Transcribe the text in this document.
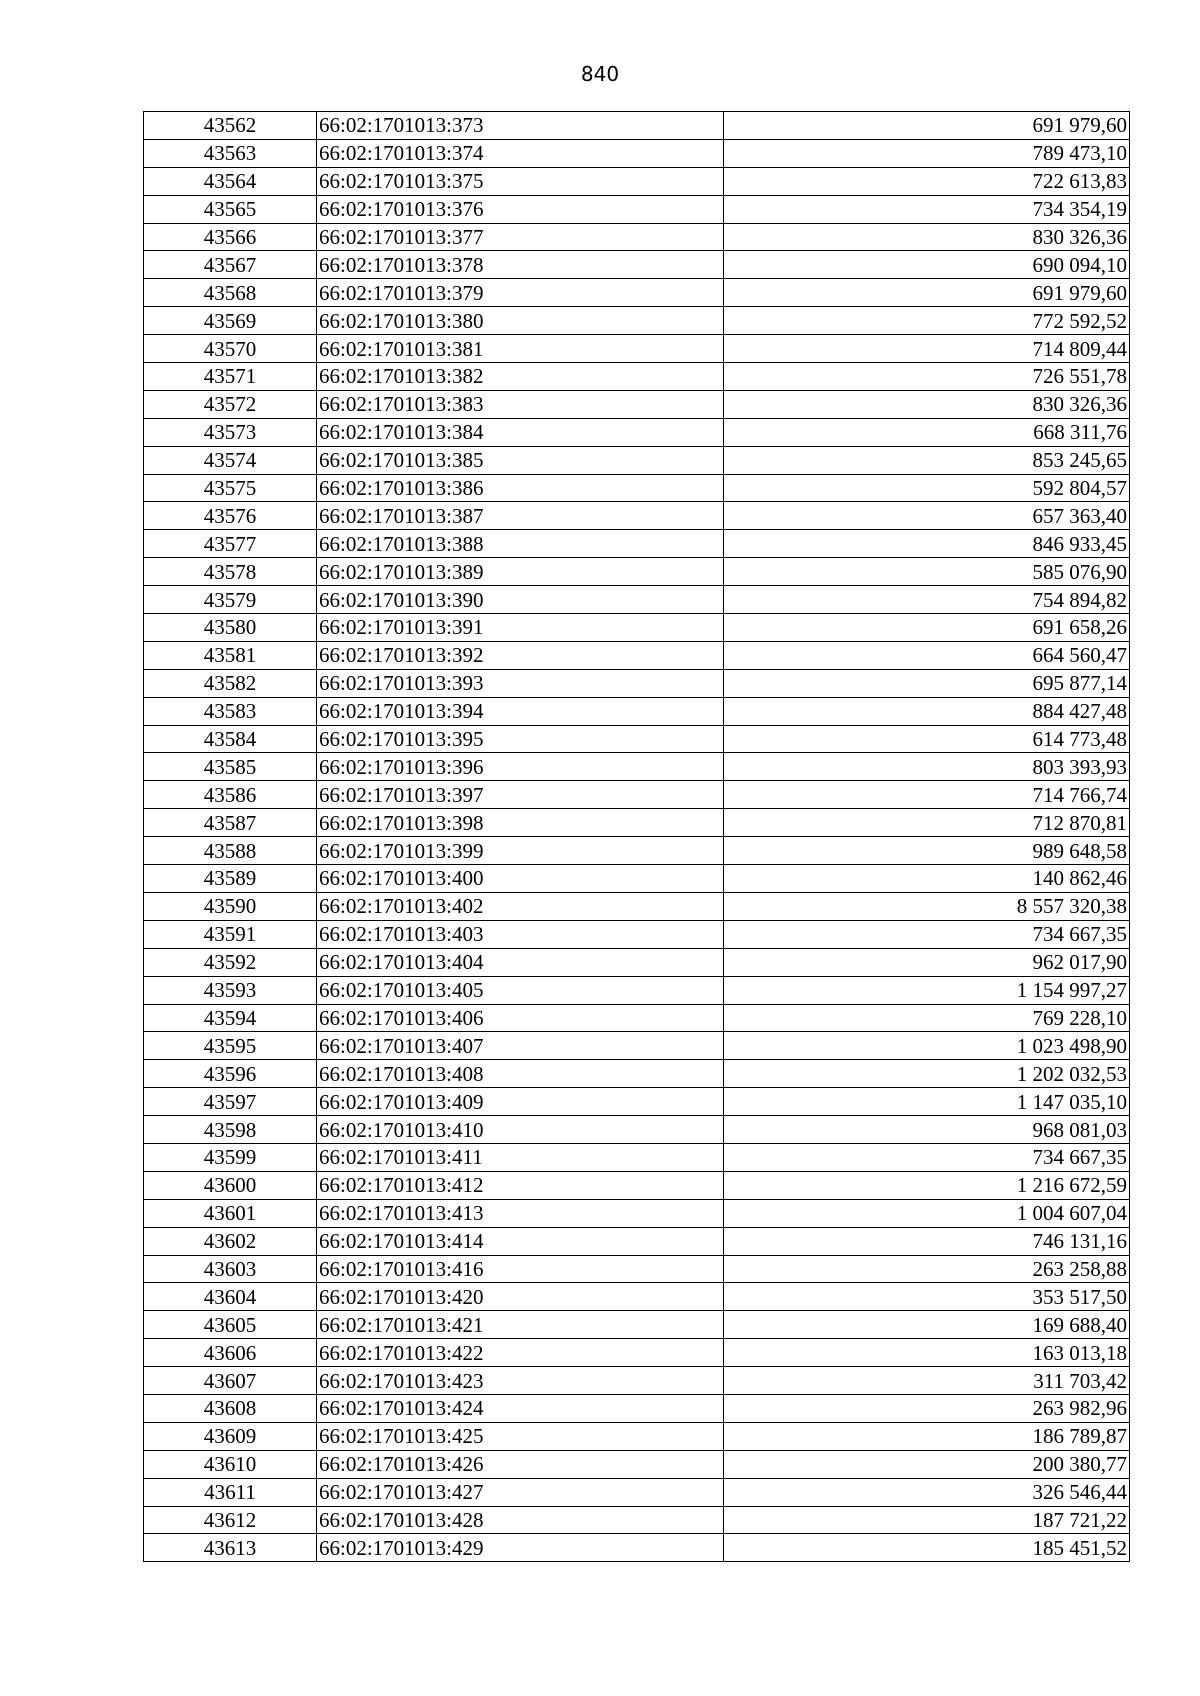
840
43562	66:02:1701013:373	691 979,60
43563	66:02:1701013:374	789 473,10
43564	66:02:1701013:375	722 613,83
43565	66:02:1701013:376	734 354,19
43566	66:02:1701013:377	830 326,36
43567	66:02:1701013:378	690 094,10
43568	66:02:1701013:379	691 979,60
43569	66:02:1701013:380	772 592,52
43570	66:02:1701013:381	714 809,44
43571	66:02:1701013:382	726 551,78
43572	66:02:1701013:383	830 326,36
43573	66:02:1701013:384	668 311,76
43574	66:02:1701013:385	853 245,65
43575	66:02:1701013:386	592 804,57
43576	66:02:1701013:387	657 363,40
43577	66:02:1701013:388	846 933,45
43578	66:02:1701013:389	585 076,90
43579	66:02:1701013:390	754 894,82
43580	66:02:1701013:391	691 658,26
43581	66:02:1701013:392	664 560,47
43582	66:02:1701013:393	695 877,14
43583	66:02:1701013:394	884 427,48
43584	66:02:1701013:395	614 773,48
43585	66:02:1701013:396	803 393,93
43586	66:02:1701013:397	714 766,74
43587	66:02:1701013:398	712 870,81
43588	66:02:1701013:399	989 648,58
43589	66:02:1701013:400	140 862,46
43590	66:02:1701013:402	8 557 320,38
43591	66:02:1701013:403	734 667,35
43592	66:02:1701013:404	962 017,90
43593	66:02:1701013:405	1 154 997,27
43594	66:02:1701013:406	769 228,10
43595	66:02:1701013:407	1 023 498,90
43596	66:02:1701013:408	1 202 032,53
43597	66:02:1701013:409	1 147 035,10
43598	66:02:1701013:410	968 081,03
43599	66:02:1701013:411	734 667,35
43600	66:02:1701013:412	1 216 672,59
43601	66:02:1701013:413	1 004 607,04
43602	66:02:1701013:414	746 131,16
43603	66:02:1701013:416	263 258,88
43604	66:02:1701013:420	353 517,50
43605	66:02:1701013:421	169 688,40
43606	66:02:1701013:422	163 013,18
43607	66:02:1701013:423	311 703,42
43608	66:02:1701013:424	263 982,96
43609	66:02:1701013:425	186 789,87
43610	66:02:1701013:426	200 380,77
43611	66:02:1701013:427	326 546,44
43612	66:02:1701013:428	187 721,22
43613	66:02:1701013:429	185 451,52
